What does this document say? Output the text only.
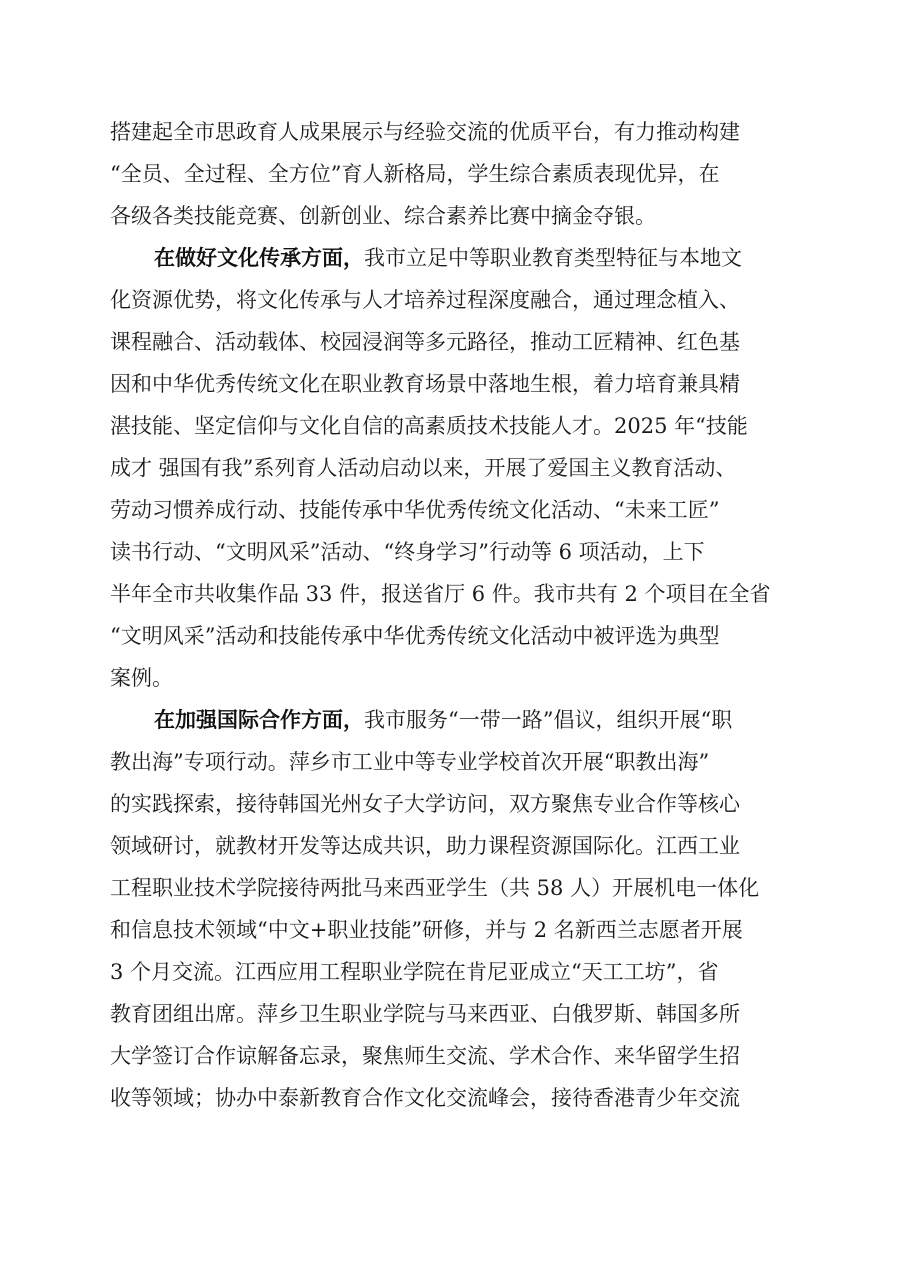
搭建起全市思政育人成果展示与经验交流的优质平台，有力推动构建
“全员、全过程、全方位”育人新格局，学生综合素质表现优异，在
各级各类技能竞赛、创新创业、综合素养比赛中摘金夺银。
在做好文化传承方面，我市立足中等职业教育类型特征与本地文
化资源优势，将文化传承与人才培养过程深度融合，通过理念植入、
课程融合、活动载体、校园浸润等多元路径，推动工匠精神、红色基
因和中华优秀传统文化在职业教育场景中落地生根，着力培育兼具精
湛技能、坚定信仰与文化自信的高素质技术技能人才。2025 年“技能
成才 强国有我”系列育人活动启动以来，开展了爱国主义教育活动、
劳动习惯养成行动、技能传承中华优秀传统文化活动、“未来工匠”
读书行动、“文明风采”活动、“终身学习”行动等 6 项活动，上下
半年全市共收集作品 33 件，报送省厅 6 件。我市共有 2 个项目在全省
“文明风采”活动和技能传承中华优秀传统文化活动中被评选为典型
案例。
在加强国际合作方面，我市服务“一带一路”倡议，组织开展“职
教出海”专项行动。萍乡市工业中等专业学校首次开展“职教出海”
的实践探索，接待韩国光州女子大学访问，双方聚焦专业合作等核心
领域研讨，就教材开发等达成共识，助力课程资源国际化。江西工业
工程职业技术学院接待两批马来西亚学生（共 58 人）开展机电一体化
和信息技术领域“中文+职业技能”研修，并与 2 名新西兰志愿者开展
3 个月交流。江西应用工程职业学院在肯尼亚成立“天工工坊”，省
教育团组出席。萍乡卫生职业学院与马来西亚、白俄罗斯、韩国多所
大学签订合作谅解备忘录，聚焦师生交流、学术合作、来华留学生招
收等领域；协办中泰新教育合作文化交流峰会，接待香港青少年交流
